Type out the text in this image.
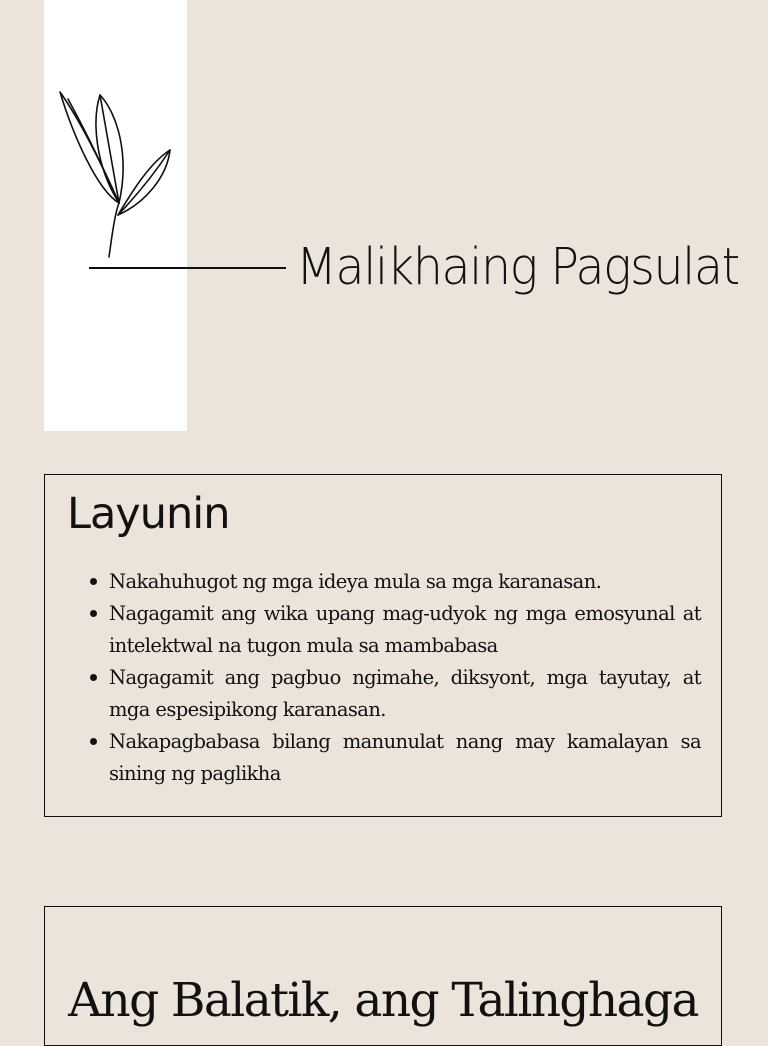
Malikhaing Pagsulat
Layunin
Nakahuhugot ng mga ideya mula sa mga karanasan.
Nagagamit ang wika upang mag-udyok ng mga emosyunal at intelektwal na tugon mula sa mambabasa
Nagagamit ang pagbuo ngimahe, diksyont, mga tayutay, at mga espesipikong karanasan.
Nakapagbabasa bilang manunulat nang may kamalayan sa sining ng paglikha
Ang Balatik, ang Talinghaga
